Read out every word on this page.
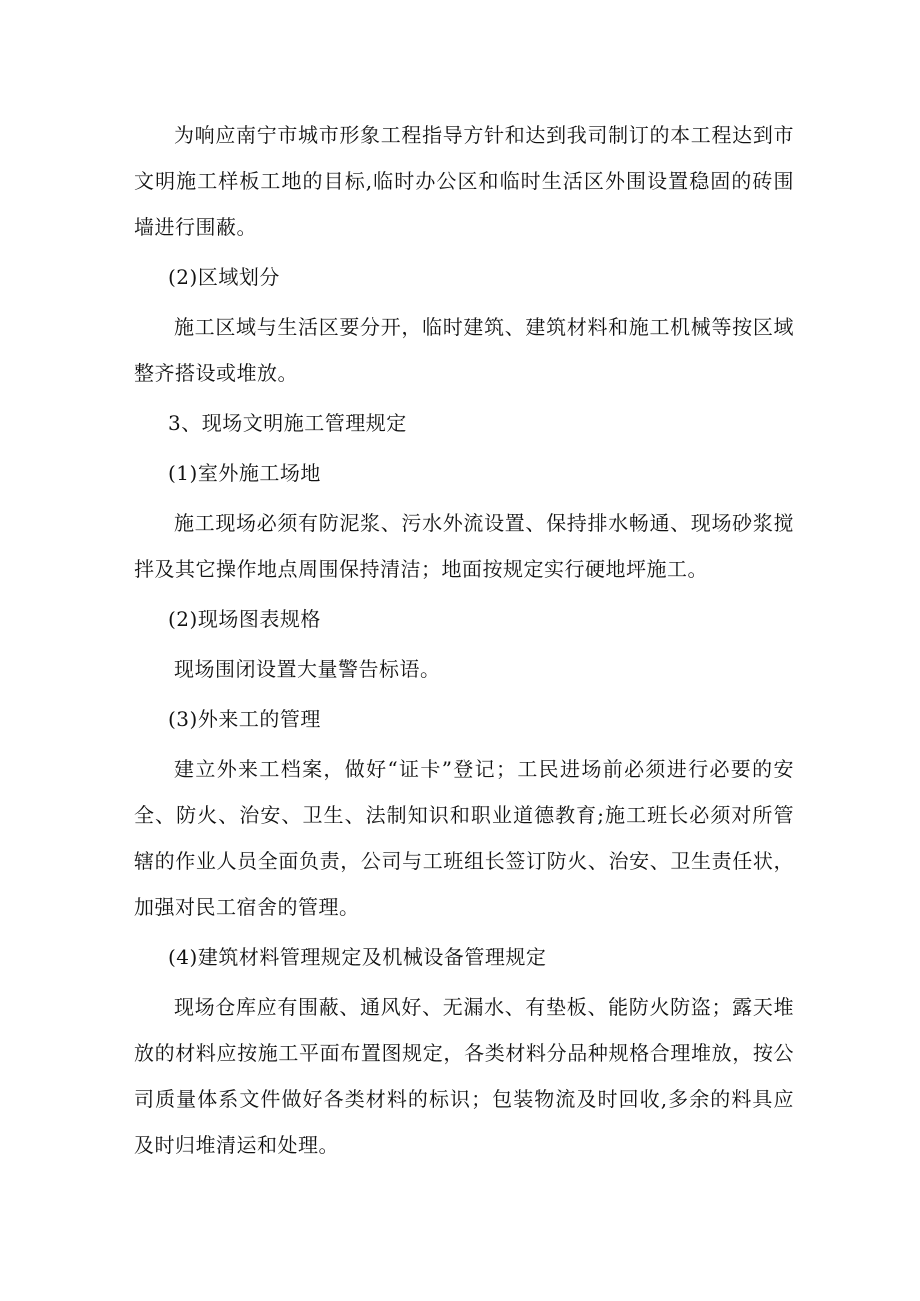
为响应南宁市城市形象工程指导方针和达到我司制订的本工程达到市文明施工样板工地的目标,临时办公区和临时生活区外围设置稳固的砖围墙进行围蔽。

(2)区域划分

施工区域与生活区要分开，临时建筑、建筑材料和施工机械等按区域整齐搭设或堆放。

3、现场文明施工管理规定

(1)室外施工场地

施工现场必须有防泥浆、污水外流设置、保持排水畅通、现场砂浆搅拌及其它操作地点周围保持清洁；地面按规定实行硬地坪施工。

(2)现场图表规格

现场围闭设置大量警告标语。

(3)外来工的管理

建立外来工档案，做好“证卡”登记；工民进场前必须进行必要的安全、防火、治安、卫生、法制知识和职业道德教育;施工班长必须对所管辖的作业人员全面负责，公司与工班组长签订防火、治安、卫生责任状，加强对民工宿舍的管理。

(4)建筑材料管理规定及机械设备管理规定

现场仓库应有围蔽、通风好、无漏水、有垫板、能防火防盗；露天堆放的材料应按施工平面布置图规定，各类材料分品种规格合理堆放，按公司质量体系文件做好各类材料的标识；包装物流及时回收,多余的料具应及时归堆清运和处理。
